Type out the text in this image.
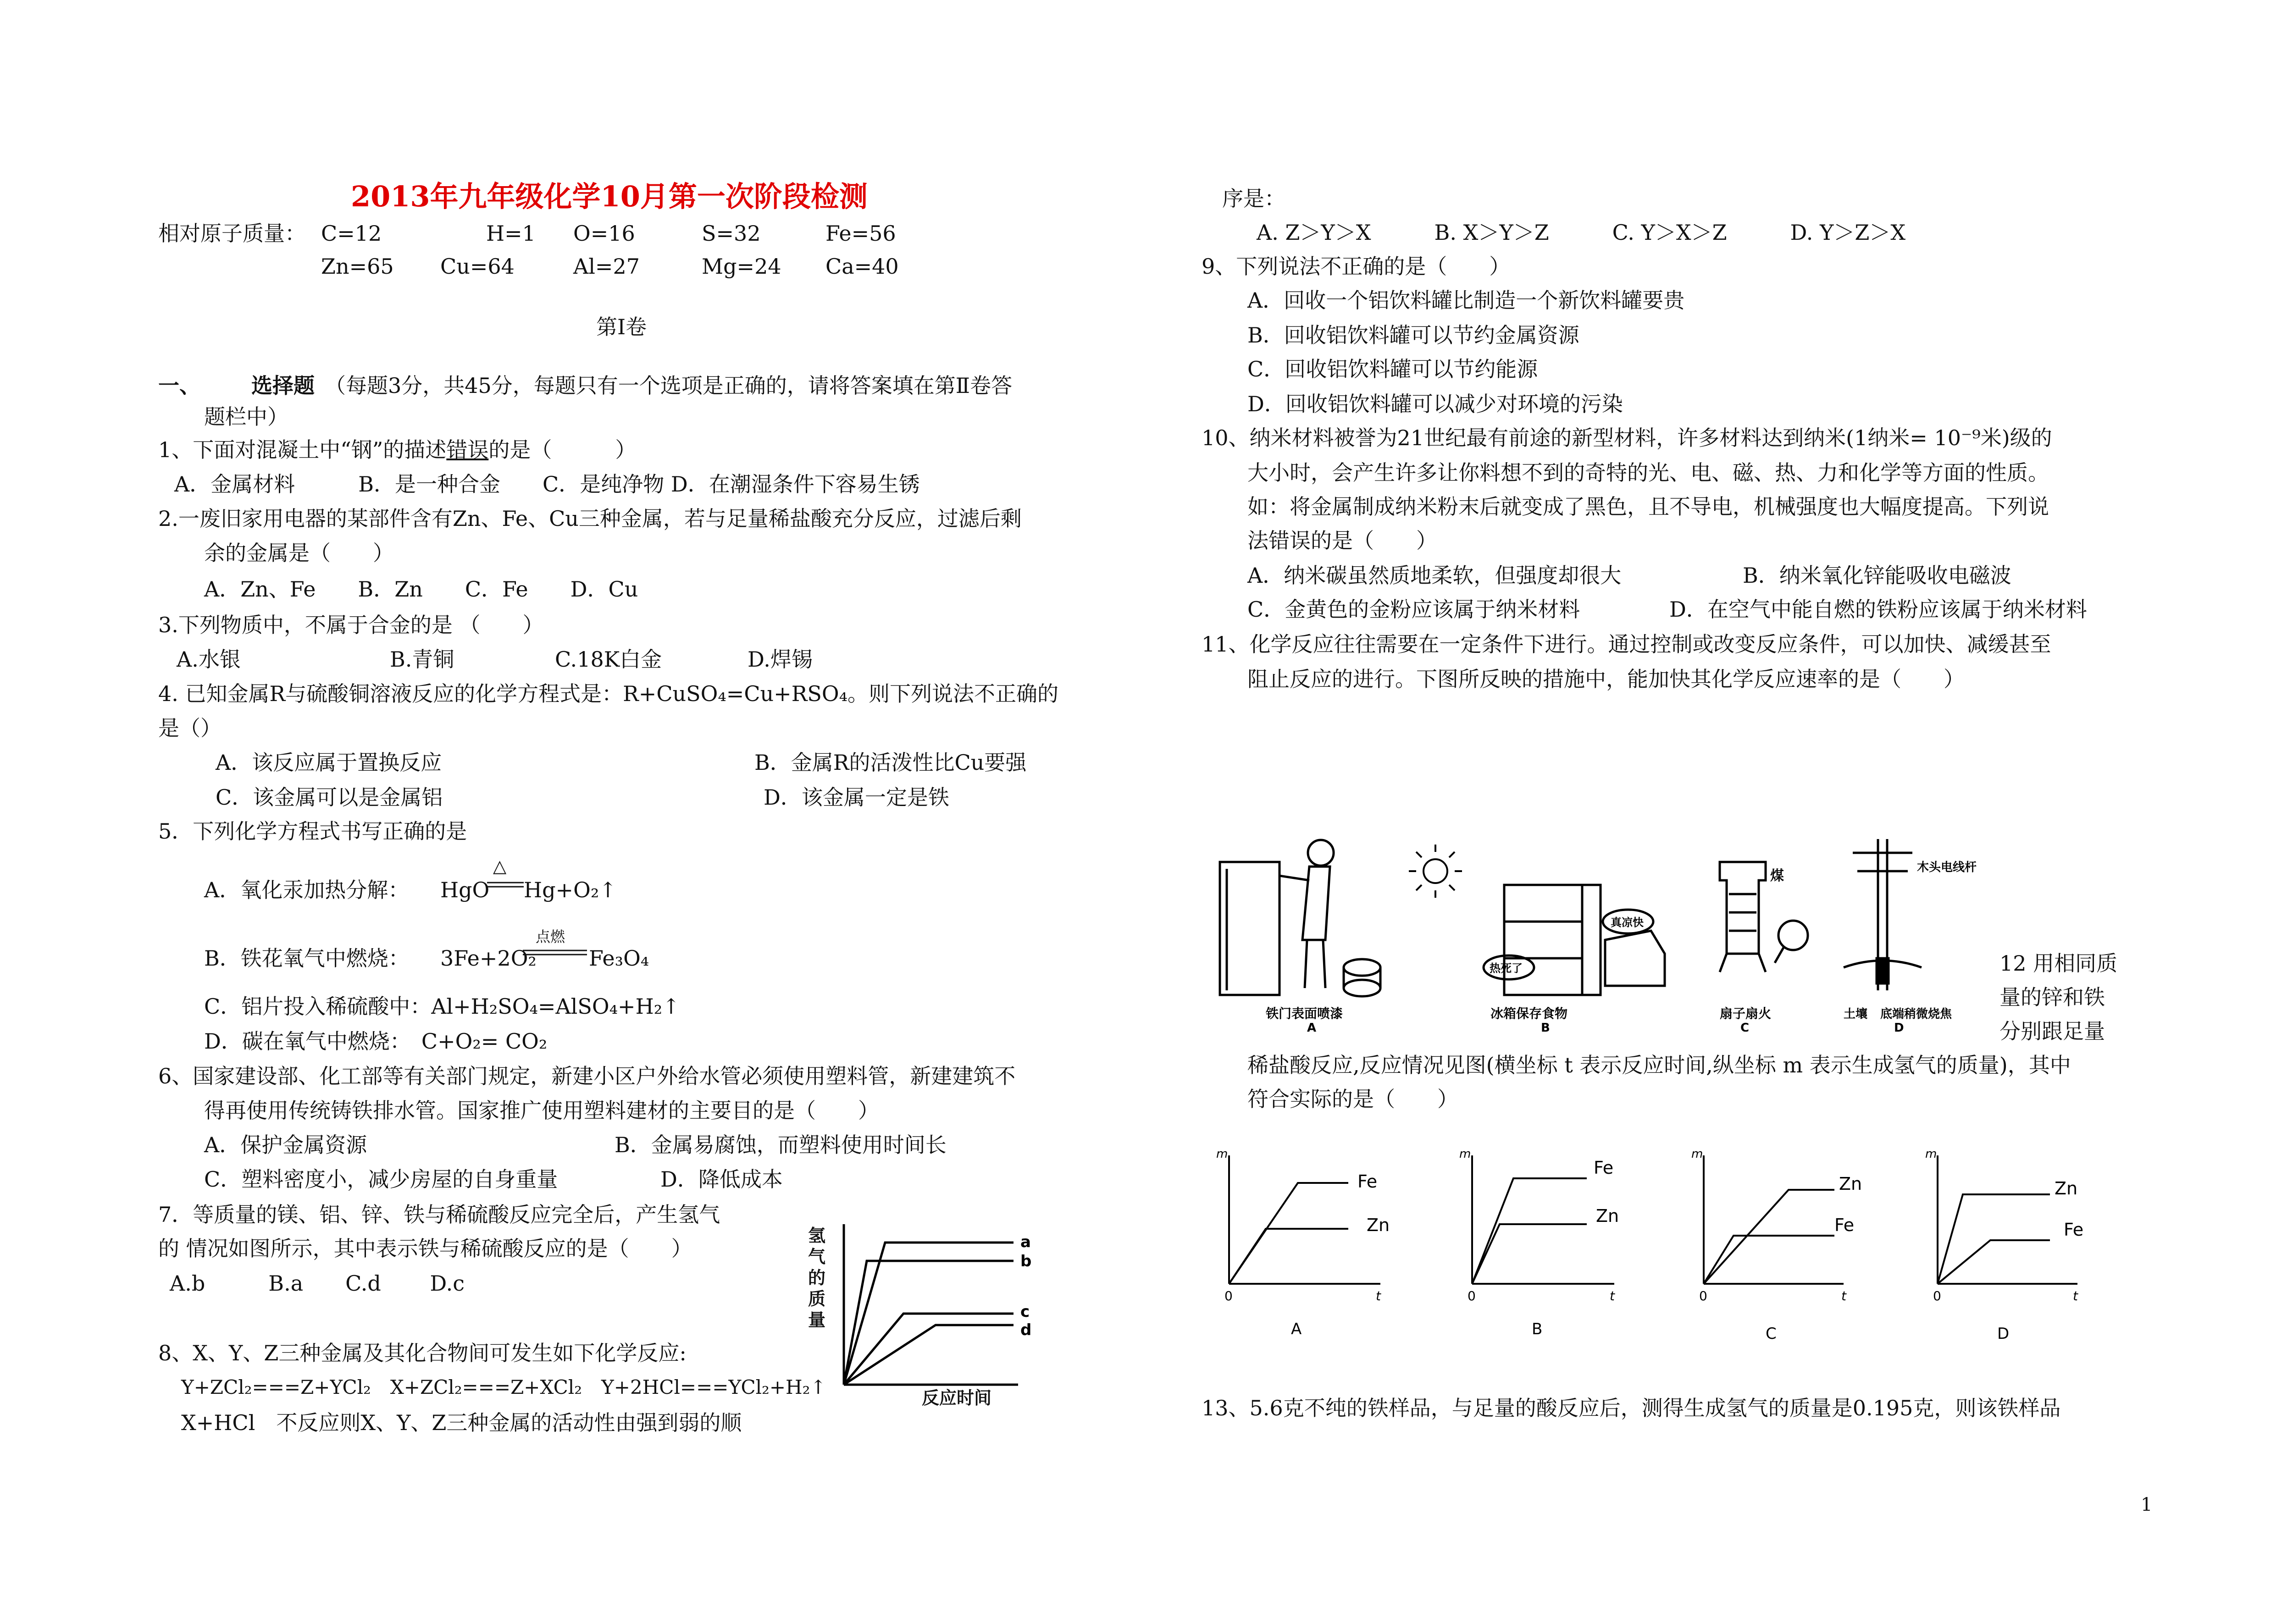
2013年九年级化学10月第一次阶段检测
相对原子质量： C=12	H=1 O=16	S=32	Fe=56
Zn=65 Cu=64	Al=27	Mg=24 Ca=40
第Ⅰ卷
一、 选择题 （每题3分，共45分，每题只有一个选项是正确的，请将答案填在第Ⅱ卷答
题栏中）
1、下面对混凝土中“钢”的描述错误的是（　　　）
A．金属材料　　　B．是一种合金　　C．是纯净物 D．在潮湿条件下容易生锈
2.一废旧家用电器的某部件含有Zn、Fe、Cu三种金属，若与足量稀盐酸充分反应，过滤后剩
余的金属是（　　）
A．Zn、Fe　　B．Zn　　C．Fe　　D．Cu
3.下列物质中，不属于合金的是 （　　）
A.水银	B.青铜	C.18K白金	D.焊锡
4. 已知金属R与硫酸铜溶液反应的化学方程式是：R+CuSO₄=Cu+RSO₄。则下列说法不正确的
是（）
A．该反应属于置换反应	B．金属R的活泼性比Cu要强
C．该金属可以是金属铝	D．该金属一定是铁
5．下列化学方程式书写正确的是
A．氧化汞加热分解： HgO
△
Hg+O₂↑
B．铁花氧气中燃烧： 3Fe+2O₂
点燃
Fe₃O₄
C．铝片投入稀硫酸中：Al+H₂SO₄=AlSO₄+H₂↑
D．碳在氧气中燃烧：　C+O₂= CO₂
6、国家建设部、化工部等有关部门规定，新建小区户外给水管必须使用塑料管，新建建筑不
得再使用传统铸铁排水管。国家推广使用塑料建材的主要目的是（　　）
A．保护金属资源	B．金属易腐蚀，而塑料使用时间长
C．塑料密度小，减少房屋的自身重量	D．降低成本
7．等质量的镁、铝、锌、铁与稀硫酸反应完全后，产生氢气
的 情况如图所示，其中表示铁与稀硫酸反应的是（　　）
A.b　　　B.a　　C.d　　 D.c
a
b
c
d
氢气的质量
反应时间
8、X、Y、Z三种金属及其化合物间可发生如下化学反应:
Y+ZCl₂===Z+YCl₂　X+ZCl₂===Z+XCl₂　Y+2HCl===YCl₂+H₂↑
X+HCl　不反应则X、Y、Z三种金属的活动性由强到弱的顺
序是：
A. Z＞Y＞X　　　B. X＞Y＞Z　　　C. Y＞X＞Z　　　D. Y＞Z＞X
9、下列说法不正确的是（　　）
A．回收一个铝饮料罐比制造一个新饮料罐要贵
B．回收铝饮料罐可以节约金属资源
C．回收铝饮料罐可以节约能源
D．回收铝饮料罐可以减少对环境的污染
10、纳米材料被誉为21世纪最有前途的新型材料，许多材料达到纳米(1纳米= 10⁻⁹米)级的
大小时，会产生许多让你料想不到的奇特的光、电、磁、热、力和化学等方面的性质。
如：将金属制成纳米粉末后就变成了黑色，且不导电，机械强度也大幅度提高。下列说
法错误的是（　　）
A．纳米碳虽然质地柔软，但强度却很大	B．纳米氧化锌能吸收电磁波
C．金黄色的金粉应该属于纳米材料	D．在空气中能自燃的铁粉应该属于纳米材料
11、化学反应往往需要在一定条件下进行。通过控制或改变反应条件，可以加快、减缓甚至
阻止反应的进行。下图所反映的措施中，能加快其化学反应速率的是（　　）
真凉快
热死了
煤
木头电线杆
铁门表面喷漆
A
冰箱保存食物
B
扇子扇火
C
土壤 底端稍微烧焦
D
12 用相同质
量的锌和铁
分别跟足量
稀盐酸反应,反应情况见图(横坐标 t 表示反应时间,纵坐标 m 表示生成氢气的质量)，其中
符合实际的是（　　）
m
0	t
Fe
Zn
A
m
0	t
Fe
Zn
B
m
0	t
Zn
Fe
C
m
0	t
Zn
Fe
D
13、5.6克不纯的铁样品，与足量的酸反应后，测得生成氢气的质量是0.195克，则该铁样品
1
